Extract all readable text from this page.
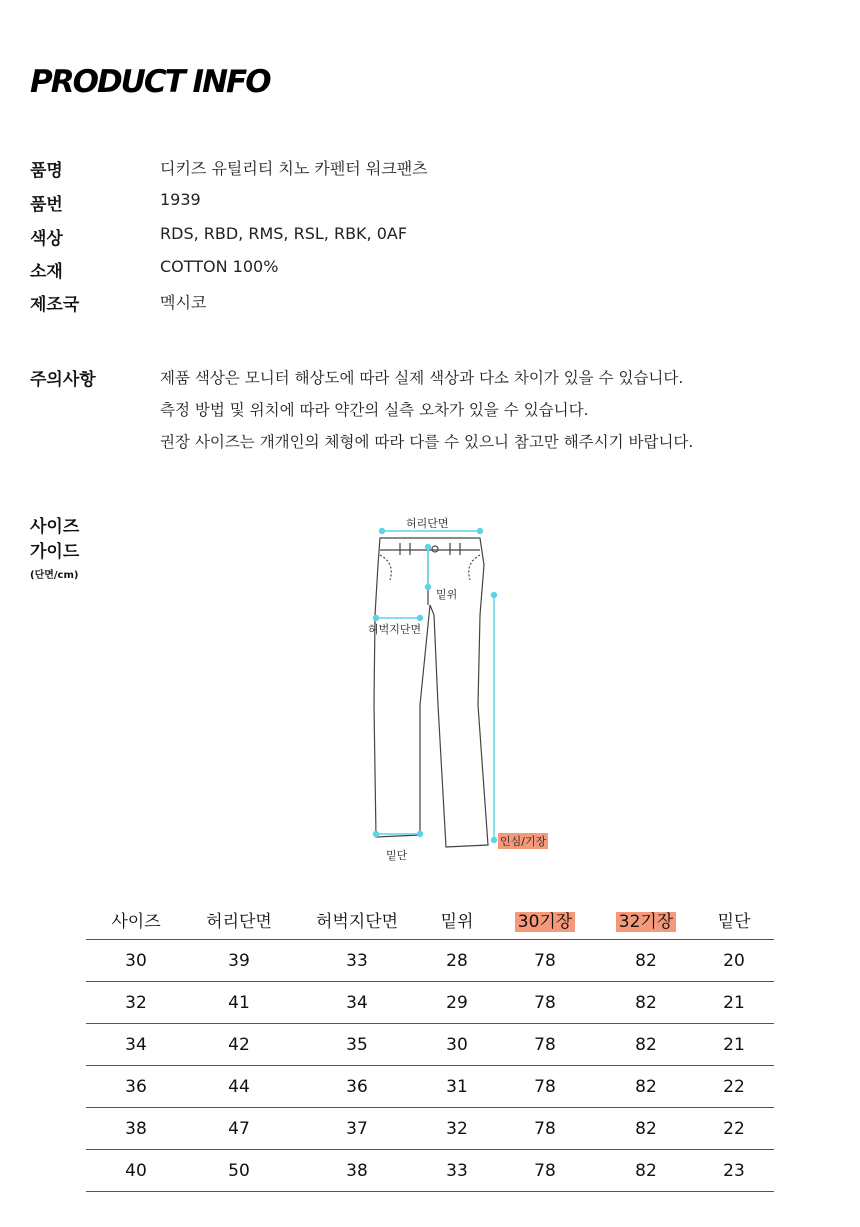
PRODUCT INFO
품명	디키즈 유틸리티 치노 카펜터 워크팬츠
품번	1939
색상	RDS, RBD, RMS, RSL, RBK, 0AF
소재	COTTON 100%
제조국	멕시코
주의사항	제품 색상은 모니터 해상도에 따라 실제 색상과 다소 차이가 있을 수 있습니다.
측정 방법 및 위치에 따라 약간의 실측 오차가 있을 수 있습니다.
권장 사이즈는 개개인의 체형에 따라 다를 수 있으니 참고만 해주시기 바랍니다.
사이즈
가이드
(단면/cm)
허리단면
밑위
허벅지단면
인심/기장
밑단
사이즈	허리단면	허벅지단면	밑위	30기장	32기장	밑단
30	39	33	28	78	82	20
32	41	34	29	78	82	21
34	42	35	30	78	82	21
36	44	36	31	78	82	22
38	47	37	32	78	82	22
40	50	38	33	78	82	23
